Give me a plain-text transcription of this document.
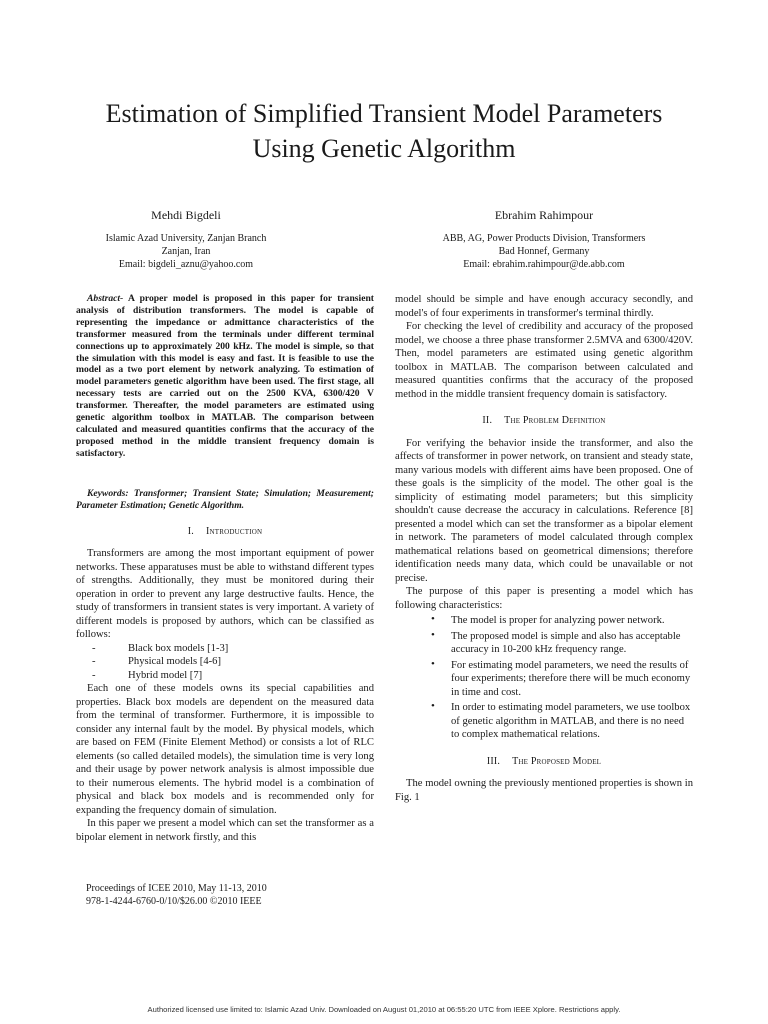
Estimation of Simplified Transient Model Parameters
Using Genetic Algorithm
Mehdi Bigdeli
Islamic Azad University, Zanjan Branch
Zanjan, Iran
Email: bigdeli_aznu@yahoo.com
Ebrahim Rahimpour
ABB, AG, Power Products Division, Transformers
Bad Honnef, Germany
Email: ebrahim.rahimpour@de.abb.com

Abstract- A proper model is proposed in this paper for transient analysis of distribution transformers. The model is capable of representing the impedance or admittance characteristics of the transformer measured from the terminals under different terminal connections up to approximately 200 kHz. The model is simple, so that the simulation with this model is easy and fast. It is feasible to use the model as a two port element by network analyzing. To estimation of model parameters genetic algorithm have been used. The first stage, all necessary tests are carried out on the 2500 KVA, 6300/420 V transformer. Thereafter, the model parameters are estimated using genetic algorithm toolbox in MATLAB. The comparison between calculated and measured quantities confirms that the accuracy of the proposed method in the middle transient frequency domain is satisfactory.

Keywords: Transformer; Transient State; Simulation; Measurement; Parameter Estimation; Genetic Algorithm.

I. Introduction

Transformers are among the most important equipment of power networks. These apparatuses must be able to withstand different types of strengths. Additionally, they must be monitored during their operation in order to prevent any large destructive faults. Hence, the study of transformers in transient states is very important. A variety of different models is proposed by authors, which can be classified as follows:

-	Black box models [1-3]
-	Physical models [4-6]
-	Hybrid model [7]

Each one of these models owns its special capabilities and properties. Black box models are dependent on the measured data from the terminal of transformer. Furthermore, it is impossible to consider any internal fault by the model. By physical models, which are based on FEM (Finite Element Method) or consists a lot of RLC elements (so called detailed models), the simulation time is very long and their usage by power network analysis is almost impossible due to their numerous elements. The hybrid model is a combination of physical and black box models and is recommended only for expanding the frequency domain of simulation.

In this paper we present a model which can set the transformer as a bipolar element in network firstly, and this

model should be simple and have enough accuracy secondly, and model's of four experiments in transformer's terminal thirdly.

For checking the level of credibility and accuracy of the proposed model, we choose a three phase transformer 2.5MVA and 6300/420V. Then, model parameters are estimated using genetic algorithm toolbox in MATLAB. The comparison between calculated and measured quantities confirms that the accuracy of the proposed method in the middle transient frequency domain is satisfactory.

II. The Problem Definition

For verifying the behavior inside the transformer, and also the affects of transformer in power network, on transient and steady state, many various models with different aims have been proposed. One of these goals is the simplicity of the model. The other goal is the simplicity of estimating model parameters; but this simplicity shouldn't cause decrease the accuracy in calculations. Reference [8] presented a model which can set the transformer as a bipolar element in network. The parameters of model calculated through complex mathematical relations based on geometrical dimensions; therefore identification needs many data, which could be unavailable or not precise.

The purpose of this paper is presenting a model which has following characteristics:

• The model is proper for analyzing power network.
• The proposed model is simple and also has acceptable accuracy in 10-200 kHz frequency range.
• For estimating model parameters, we need the results of four experiments; therefore there will be much economy in time and cost.
• In order to estimating model parameters, we use toolbox of genetic algorithm in MATLAB, and there is no need to complex mathematical relations.
III. The Proposed Model

The model owning the previously mentioned properties is shown in Fig. 1

Proceedings of ICEE 2010, May 11-13, 2010
978-1-4244-6760-0/10/$26.00 ©2010 IEEE
Authorized licensed use limited to: Islamic Azad Univ. Downloaded on August 01,2010 at 06:55:20 UTC from IEEE Xplore. Restrictions apply.
